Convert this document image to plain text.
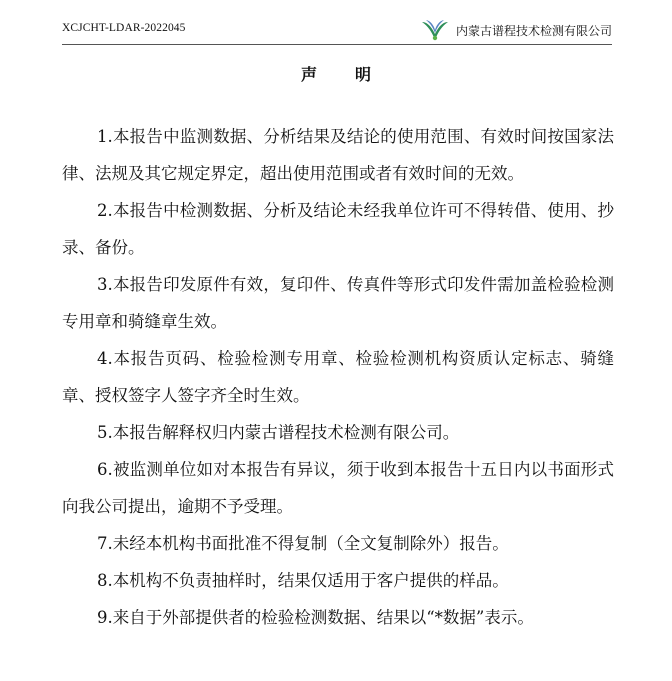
XCJCHT-LDAR-2022045	内蒙古谱程技术检测有限公司
声明

1.本报告中监测数据、分析结果及结论的使用范围、有效时间按国家法律、法规及其它规定界定，超出使用范围或者有效时间的无效。

2.本报告中检测数据、分析及结论未经我单位许可不得转借、使用、抄录、备份。

3.本报告印发原件有效，复印件、传真件等形式印发件需加盖检验检测专用章和骑缝章生效。

4.本报告页码、检验检测专用章、检验检测机构资质认定标志、骑缝章、授权签字人签字齐全时生效。

5.本报告解释权归内蒙古谱程技术检测有限公司。

6.被监测单位如对本报告有异议，须于收到本报告十五日内以书面形式向我公司提出，逾期不予受理。

7.未经本机构书面批准不得复制（全文复制除外）报告。

8.本机构不负责抽样时，结果仅适用于客户提供的样品。

9.来自于外部提供者的检验检测数据、结果以“*数据”表示。
